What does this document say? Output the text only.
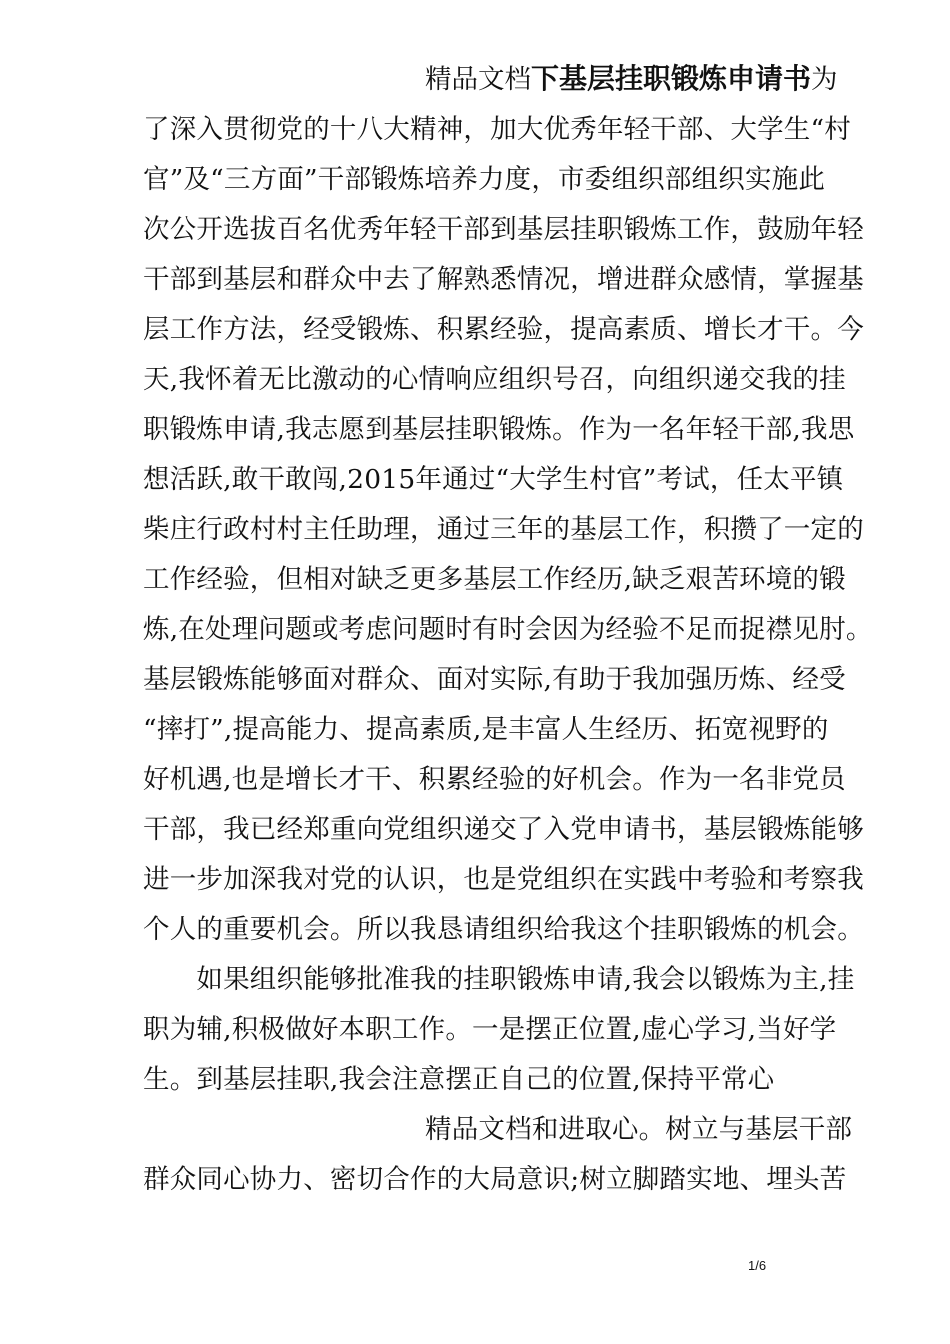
精品文档下基层挂职锻炼申请书为
了深入贯彻党的十八大精神，加大优秀年轻干部、大学生“村
官”及“三方面”干部锻炼培养力度，市委组织部组织实施此
次公开选拔百名优秀年轻干部到基层挂职锻炼工作，鼓励年轻
干部到基层和群众中去了解熟悉情况，增进群众感情，掌握基
层工作方法，经受锻炼、积累经验，提高素质、增长才干。今
天,我怀着无比激动的心情响应组织号召，向组织递交我的挂
职锻炼申请,我志愿到基层挂职锻炼。作为一名年轻干部,我思
想活跃,敢干敢闯,2015年通过“大学生村官”考试，任太平镇
柴庄行政村村主任助理，通过三年的基层工作，积攒了一定的
工作经验，但相对缺乏更多基层工作经历,缺乏艰苦环境的锻
炼,在处理问题或考虑问题时有时会因为经验不足而捉襟见肘。
基层锻炼能够面对群众、面对实际,有助于我加强历炼、经受
“摔打”,提高能力、提高素质,是丰富人生经历、拓宽视野的
好机遇,也是增长才干、积累经验的好机会。作为一名非党员
干部，我已经郑重向党组织递交了入党申请书，基层锻炼能够
进一步加深我对党的认识，也是党组织在实践中考验和考察我
个人的重要机会。所以我恳请组织给我这个挂职锻炼的机会。
　　如果组织能够批准我的挂职锻炼申请,我会以锻炼为主,挂
职为辅,积极做好本职工作。一是摆正位置,虚心学习,当好学
生。到基层挂职,我会注意摆正自己的位置,保持平常心
精品文档和进取心。树立与基层干部
群众同心协力、密切合作的大局意识;树立脚踏实地、埋头苦
1/6
